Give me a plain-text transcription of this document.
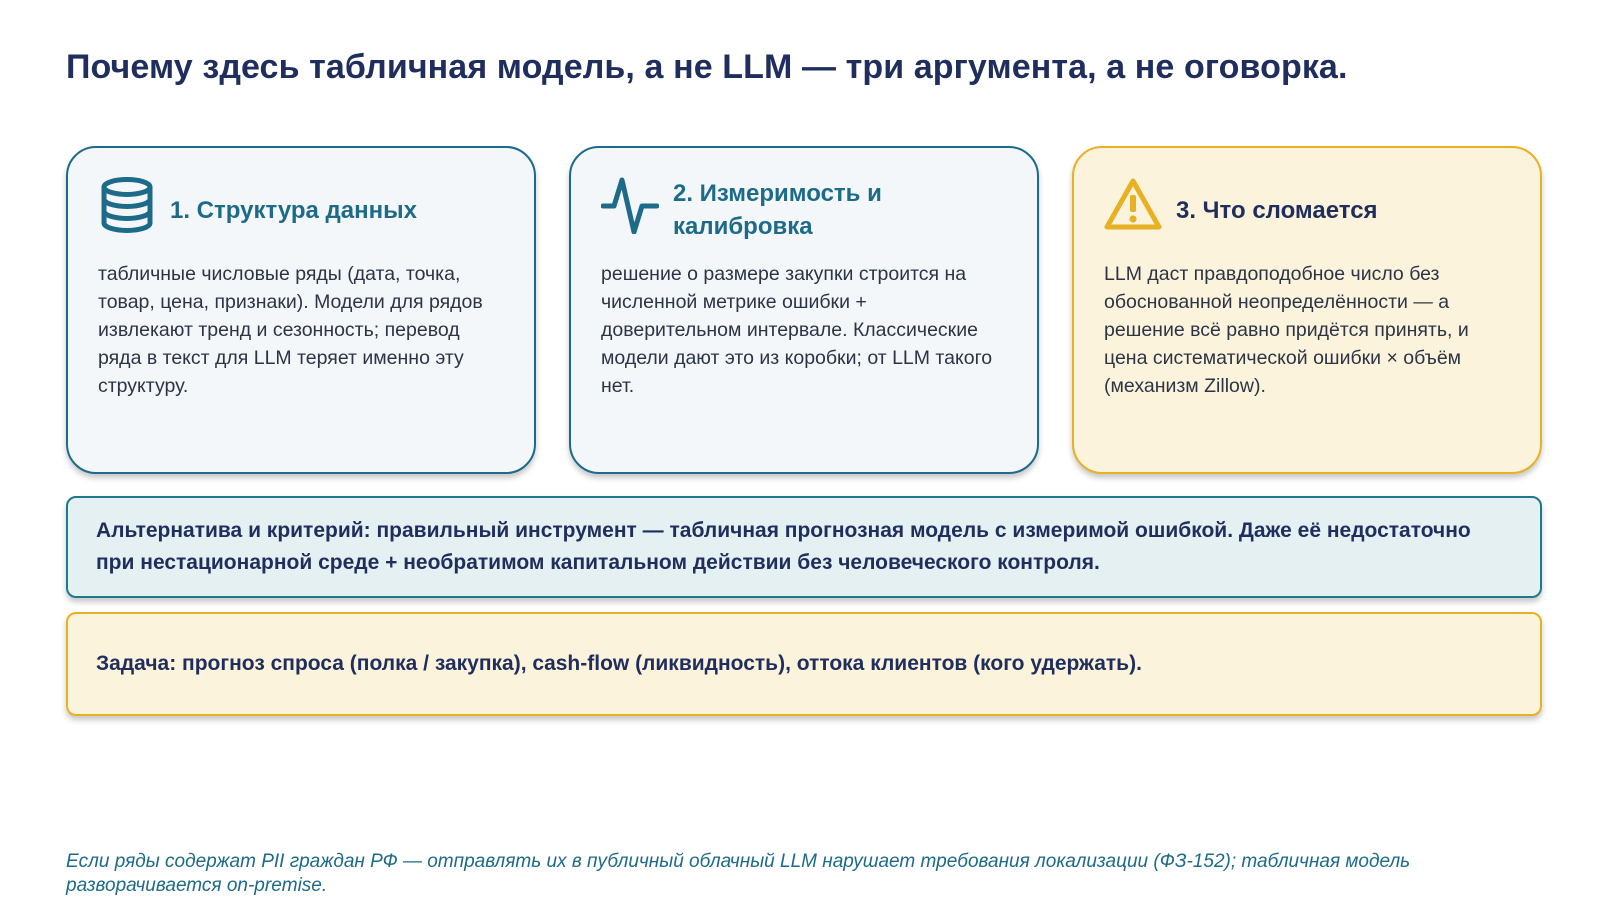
Почему здесь табличная модель, а не LLM — три аргумента, а не оговорка.
1. Структура данных
табличные числовые ряды (дата, точка, товар, цена, признаки). Модели для рядов извлекают тренд и сезонность; перевод ряда в текст для LLM теряет именно эту структуру.
2. Измеримость и калибровка
решение о размере закупки строится на численной метрике ошибки + доверительном интервале. Классические модели дают это из коробки; от LLM такого нет.
3. Что сломается
LLM даст правдоподобное число без обоснованной неопределённости — а решение всё равно придётся принять, и цена систематической ошибки × объём (механизм Zillow).
Альтернатива и критерий: правильный инструмент — табличная прогнозная модель с измеримой ошибкой. Даже её недостаточно при нестационарной среде + необратимом капитальном действии без человеческого контроля.
Задача: прогноз спроса (полка / закупка), cash-flow (ликвидность), оттока клиентов (кого удержать).
Если ряды содержат PII граждан РФ — отправлять их в публичный облачный LLM нарушает требования локализации (ФЗ-152); табличная модель разворачивается on-premise.
